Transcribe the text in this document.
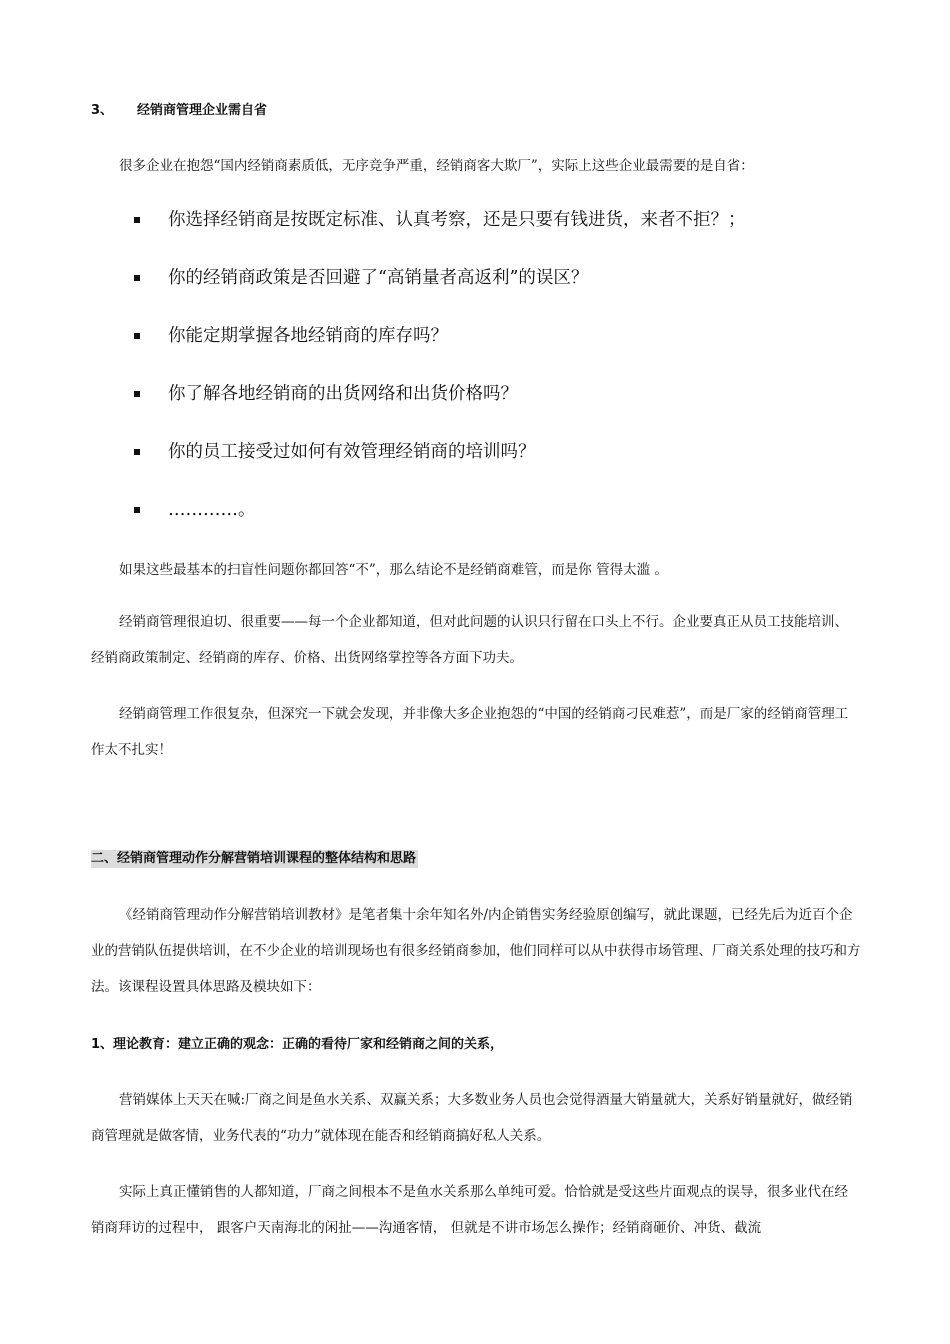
3、 经销商管理企业需自省

很多企业在抱怨“国内经销商素质低，无序竞争严重，经销商客大欺厂”，实际上这些企业最需要的是自省：

你选择经销商是按既定标准、认真考察，还是只要有钱进货，来者不拒？；
你的经销商政策是否回避了“高销量者高返利”的误区？
你能定期掌握各地经销商的库存吗？
你了解各地经销商的出货网络和出货价格吗？
你的员工接受过如何有效管理经销商的培训吗？
…………。

如果这些最基本的扫盲性问题你都回答“不”，那么结论不是经销商难管，而是你 管得太滥 。

经销商管理很迫切、很重要——每一个企业都知道，但对此问题的认识只行留在口头上不行。企业要真正从员工技能培训、经销商政策制定、经销商的库存、价格、出货网络掌控等各方面下功夫。

经销商管理工作很复杂，但深究一下就会发现，并非像大多企业抱怨的“中国的经销商刁民难惹”，而是厂家的经销商管理工作太不扎实！

二、经销商管理动作分解营销培训课程的整体结构和思路

《经销商管理动作分解营销培训教材》是笔者集十余年知名外/内企销售实务经验原创编写，就此课题，已经先后为近百个企业的营销队伍提供培训，在不少企业的培训现场也有很多经销商参加，他们同样可以从中获得市场管理、厂商关系处理的技巧和方法。该课程设置具体思路及模块如下：

1、理论教育：建立正确的观念：正确的看待厂家和经销商之间的关系，

营销媒体上天天在喊:厂商之间是鱼水关系、双赢关系；大多数业务人员也会觉得酒量大销量就大，关系好销量就好，做经销商管理就是做客情，业务代表的“功力”就体现在能否和经销商搞好私人关系。

实际上真正懂销售的人都知道，厂商之间根本不是鱼水关系那么单纯可爱。恰恰就是受这些片面观点的误导，很多业代在经销商拜访的过程中， 跟客户天南海北的闲扯——沟通客情， 但就是不讲市场怎么操作；经销商砸价、冲货、截流
